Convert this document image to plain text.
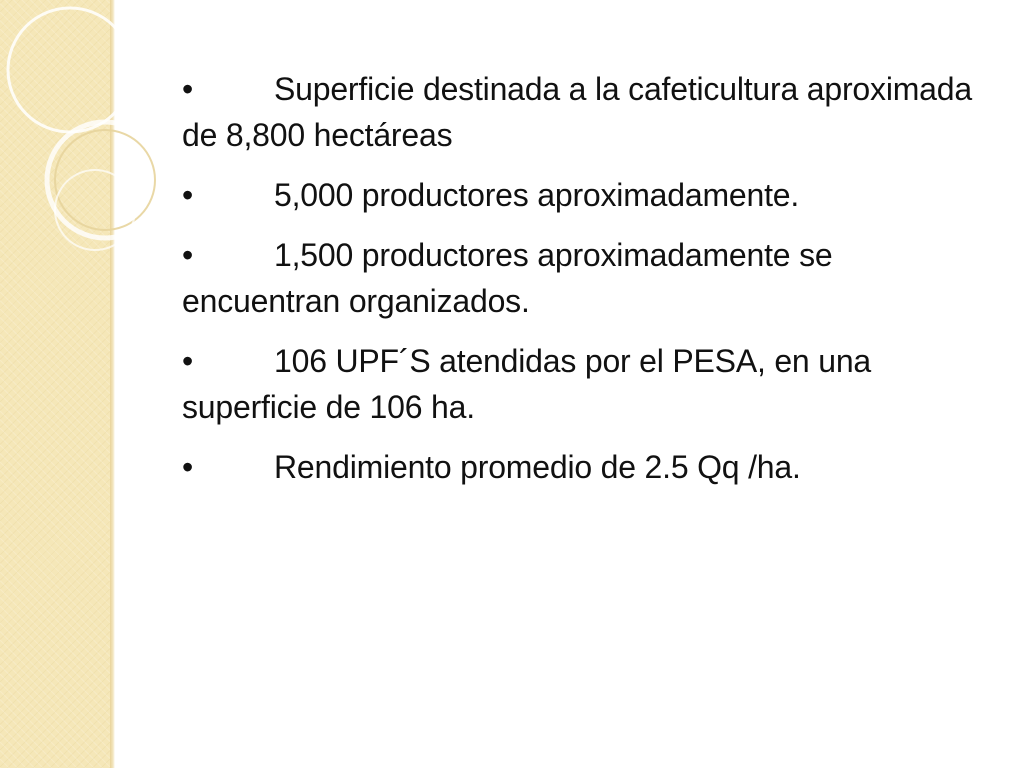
•	Superficie destinada a la cafeticultura aproximada de 8,800 hectáreas

•	5,000 productores aproximadamente.

•	1,500 productores aproximadamente se encuentran organizados.

•	106 UPF´S atendidas por el PESA, en una superficie de 106 ha.

•	Rendimiento promedio de 2.5 Qq /ha.
